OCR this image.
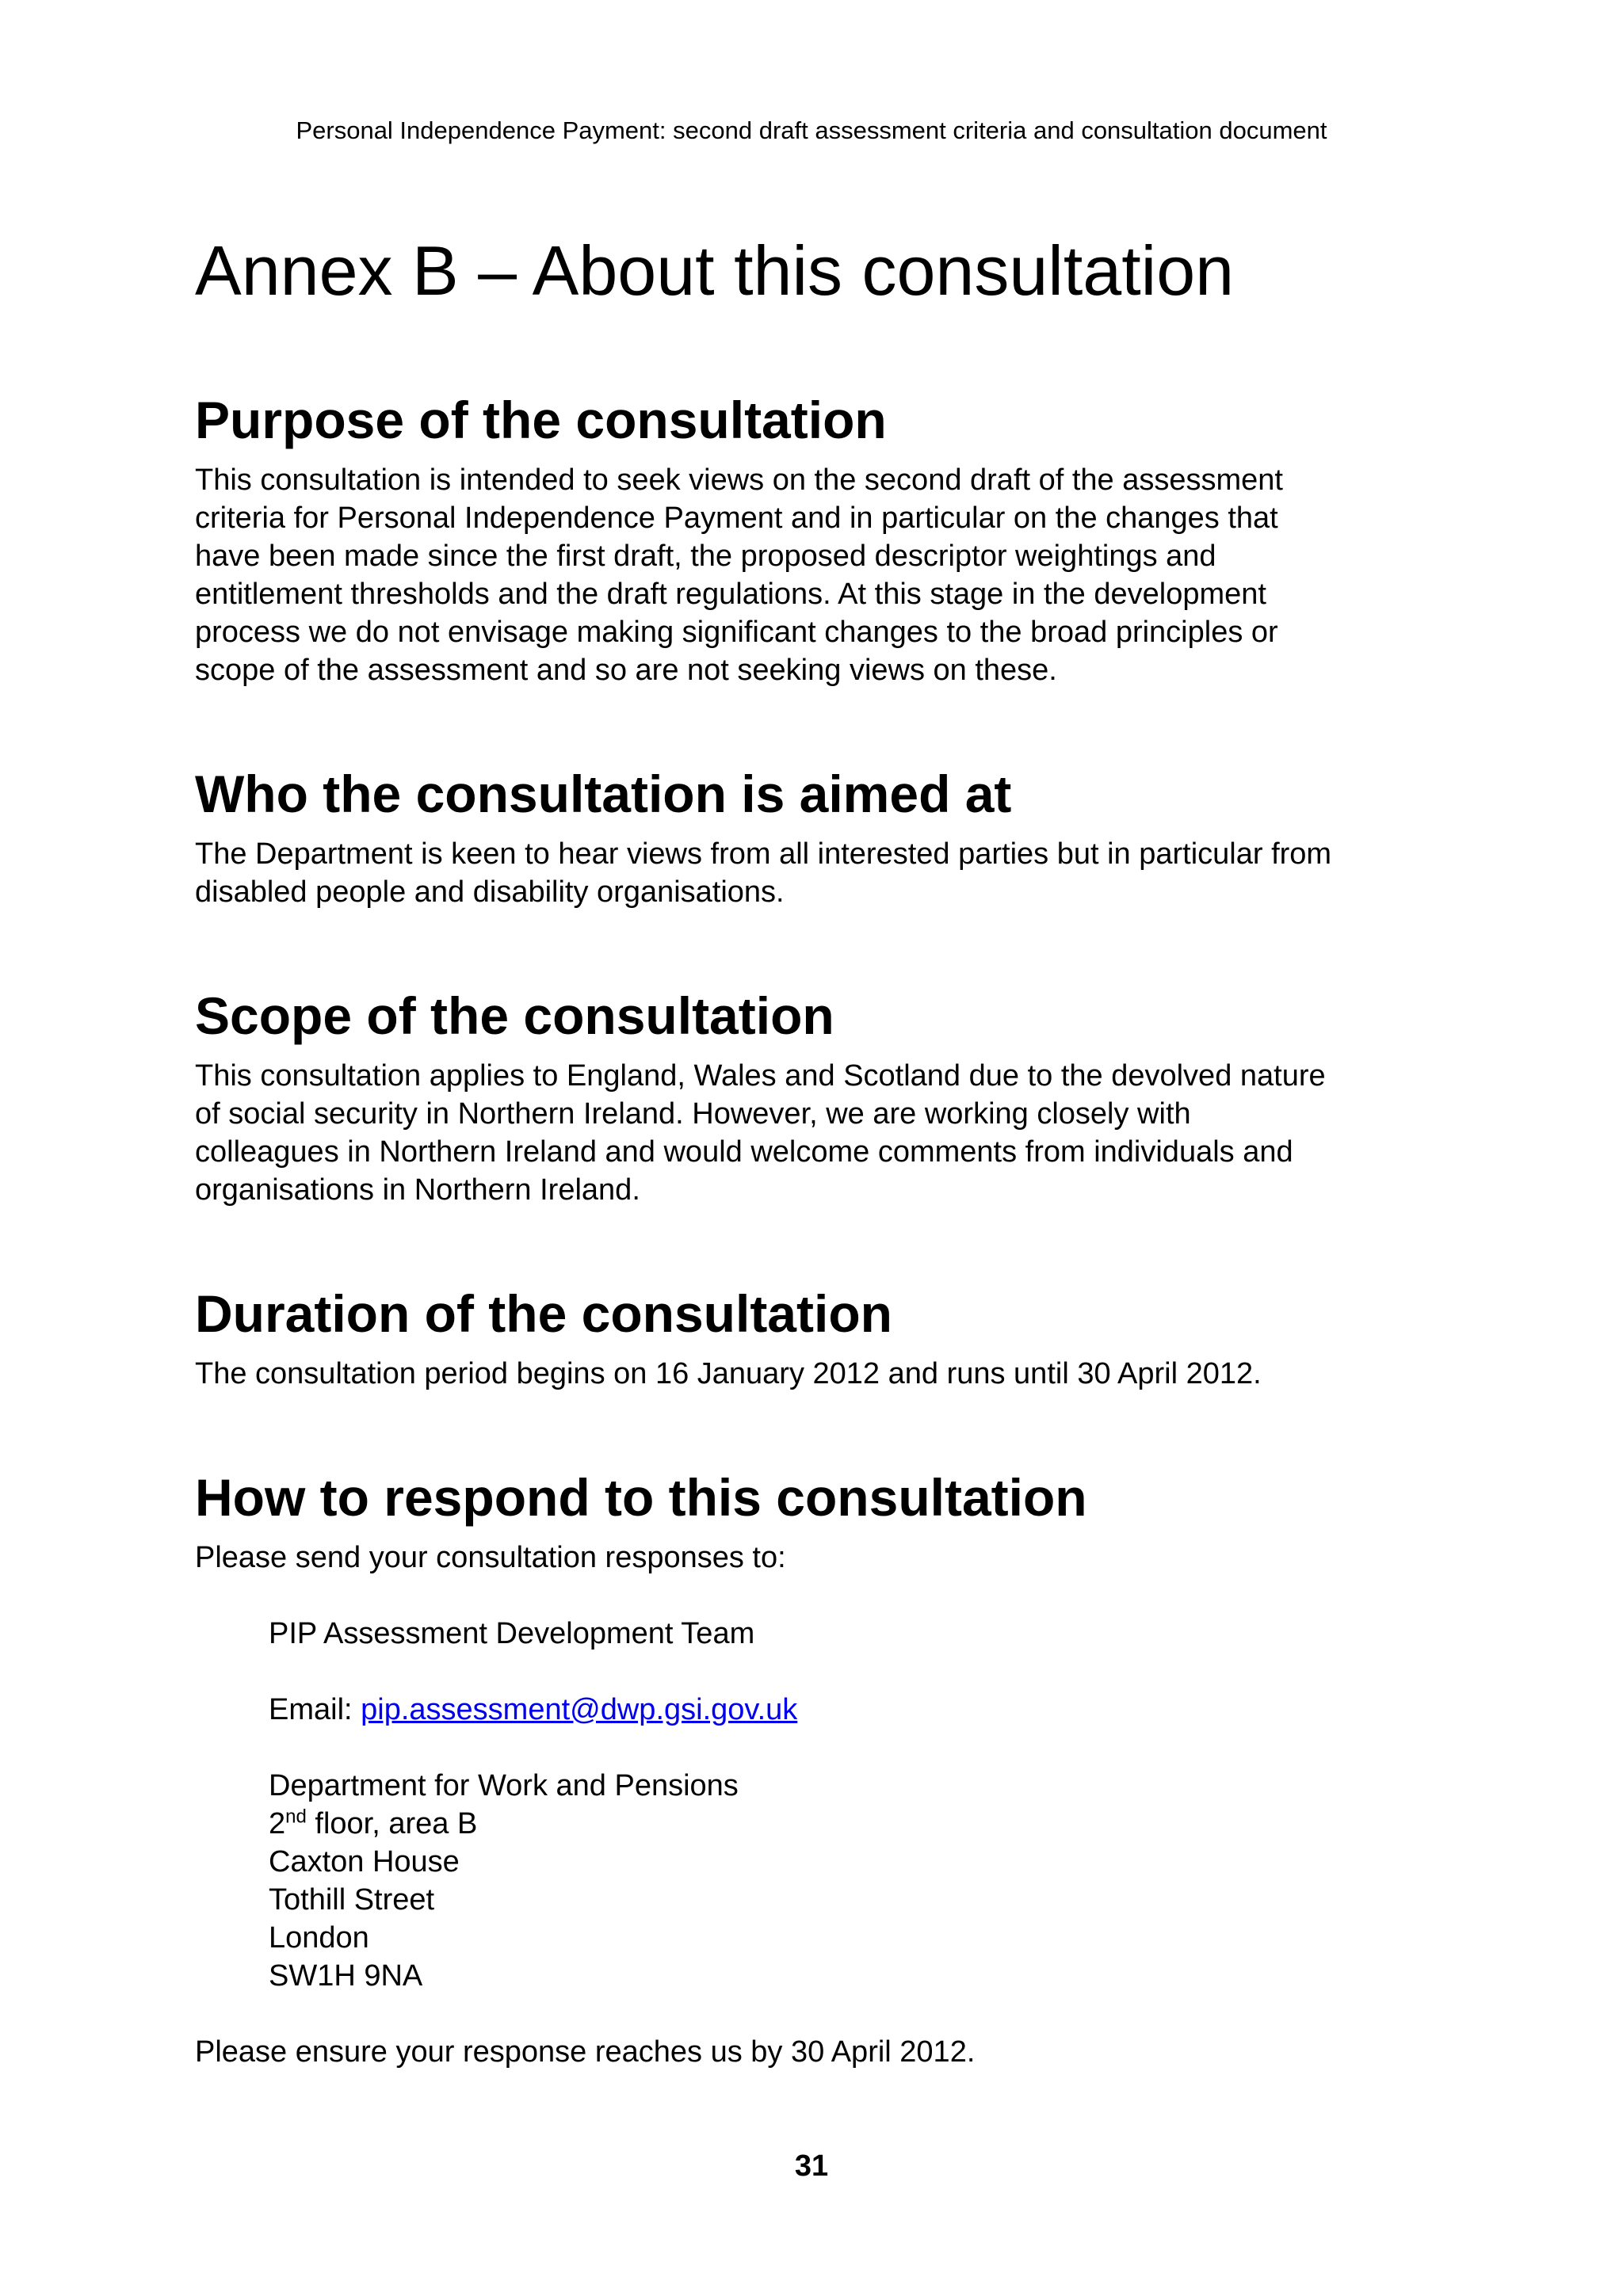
Personal Independence Payment: second draft assessment criteria and consultation document
Annex B – About this consultation
Purpose of the consultation

This consultation is intended to seek views on the second draft of the assessment
criteria for Personal Independence Payment and in particular on the changes that
have been made since the first draft, the proposed descriptor weightings and
entitlement thresholds and the draft regulations. At this stage in the development
process we do not envisage making significant changes to the broad principles or
scope of the assessment and so are not seeking views on these.

Who the consultation is aimed at

The Department is keen to hear views from all interested parties but in particular from
disabled people and disability organisations.

Scope of the consultation

This consultation applies to England, Wales and Scotland due to the devolved nature
of social security in Northern Ireland. However, we are working closely with
colleagues in Northern Ireland and would welcome comments from individuals and
organisations in Northern Ireland.

Duration of the consultation

The consultation period begins on 16 January 2012 and runs until 30 April 2012.

How to respond to this consultation

Please send your consultation responses to:

PIP Assessment Development Team
Email: pip.assessment@dwp.gsi.gov.uk
Department for Work and Pensions
2nd floor, area B
Caxton House
Tothill Street
London
SW1H 9NA

Please ensure your response reaches us by 30 April 2012.

31
